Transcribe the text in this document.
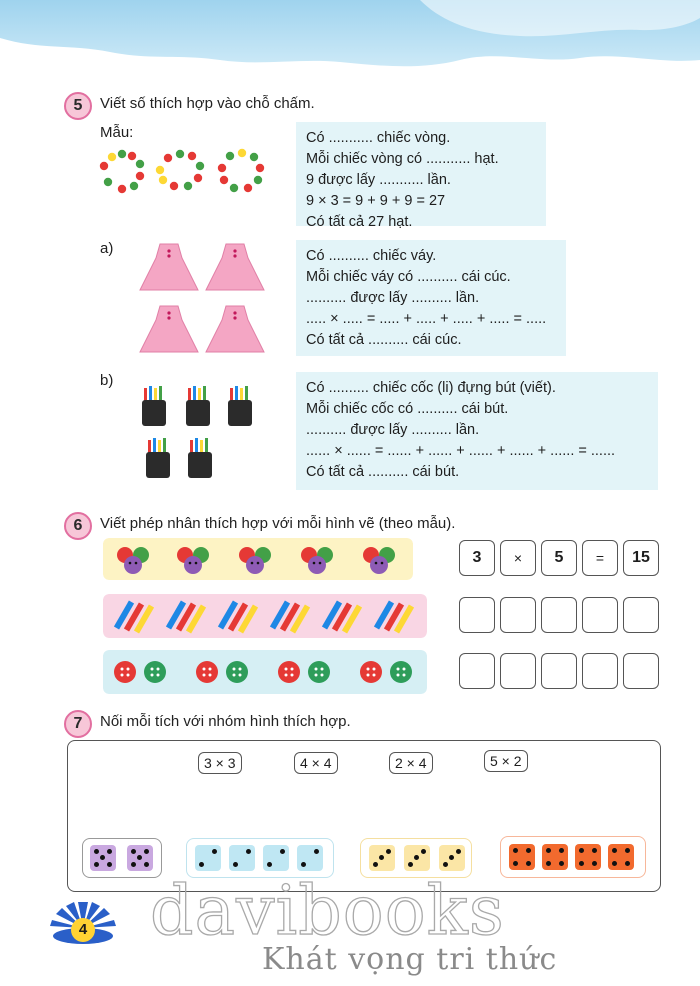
5	Viết số thích hợp vào chỗ chấm.
Mẫu:	Có ........... chiếc vòng.
Mỗi chiếc vòng có ........... hạt.
9 được lấy ........... lần.
9 × 3 = 9 + 9 + 9 = 27
Có tất cả 27 hạt.
a)	Có .......... chiếc váy.
Mỗi chiếc váy có .......... cái cúc.
.......... được lấy .......... lần.
..... × ..... = ..... + ..... + ..... + ..... = .....
Có tất cả .......... cái cúc.
b)	Có .......... chiếc cốc (li) đựng bút (viết).
Mỗi chiếc cốc có .......... cái bút.
.......... được lấy .......... lần.
...... × ...... = ...... + ...... + ...... + ...... + ...... = ......
Có tất cả .......... cái bút.
6	Viết phép nhân thích hợp với mỗi hình vẽ (theo mẫu).
3	×	5	=	15
7	Nối mỗi tích với nhóm hình thích hợp.
3 × 3	4 × 4	2 × 4	5 × 2
4 davibooks
Khát vọng tri thức
